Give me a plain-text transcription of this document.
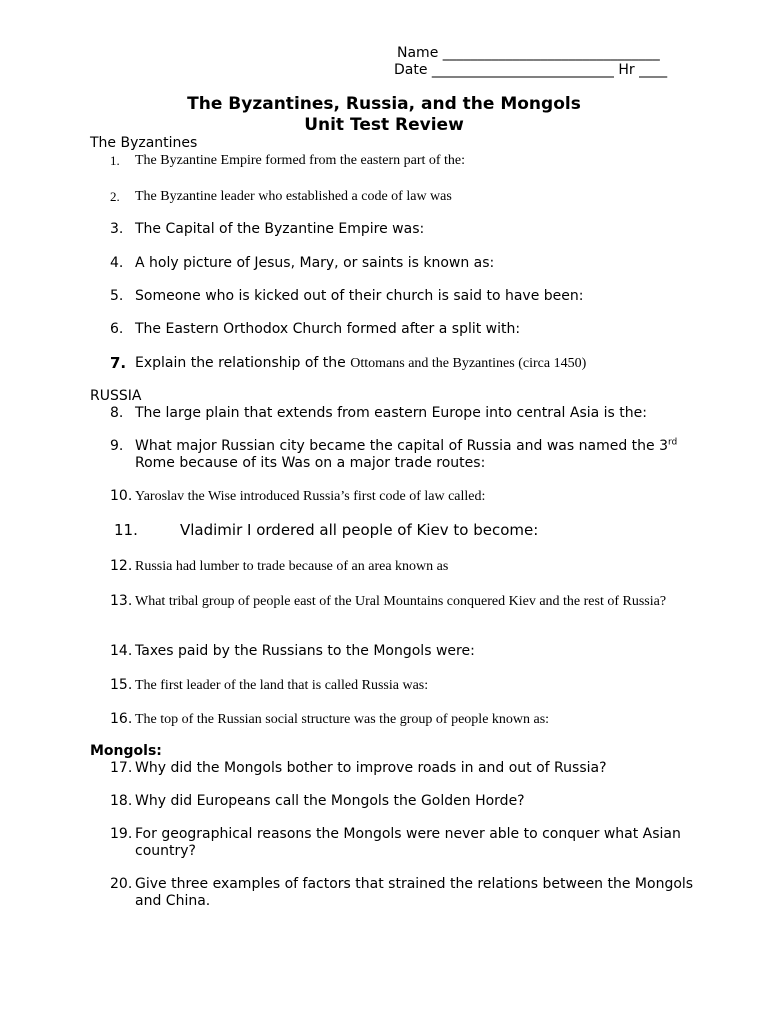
Name _______________________________
Date __________________________ Hr ____
The Byzantines, Russia, and the Mongols
Unit Test Review
The Byzantines
1. The Byzantine Empire formed from the eastern part of the:
2. The Byzantine leader who established a code of law was
3. The Capital of the Byzantine Empire was:
4. A holy picture of Jesus, Mary, or saints is known as:
5. Someone who is kicked out of their church is said to have been:
6. The Eastern Orthodox Church formed after a split with:
7. Explain the relationship of the Ottomans and the Byzantines (circa 1450)
RUSSIA
8. The large plain that extends from eastern Europe into central Asia is the:
9. What major Russian city became the capital of Russia and was named the 3rd
Rome because of its Was on a major trade routes:
10. Yaroslav the Wise introduced Russia’s first code of law called:
11.	Vladimir I ordered all people of Kiev to become:
12. Russia had lumber to trade because of an area known as
13. What tribal group of people east of the Ural Mountains conquered Kiev and the rest of Russia?
14. Taxes paid by the Russians to the Mongols were:
15. The first leader of the land that is called Russia was:
16. The top of the Russian social structure was the group of people known as:
Mongols:
17. Why did the Mongols bother to improve roads in and out of Russia?
18. Why did Europeans call the Mongols the Golden Horde?
19. For geographical reasons the Mongols were never able to conquer what Asian country?
20. Give three examples of factors that strained the relations between the Mongols and China.
